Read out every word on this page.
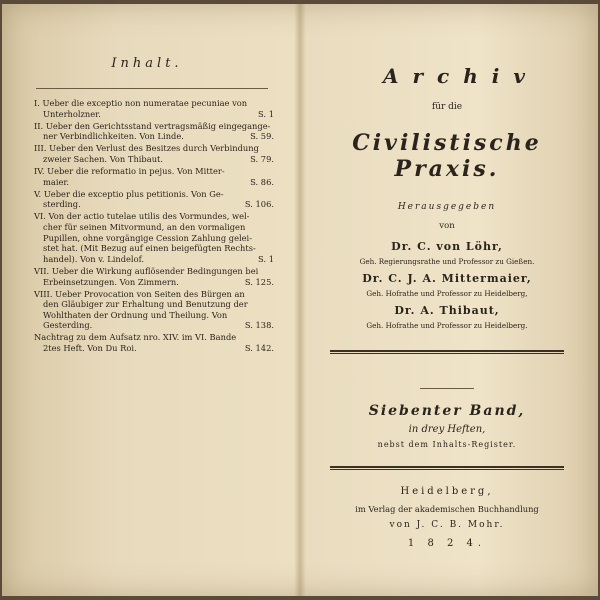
Inhalt.
I. Ueber die exceptio non numeratae pecuniae von
Unterholzner.	S. 1
II. Ueber den Gerichtsstand vertragsmäßig eingegange-
ner Verbindlichkeiten. Von Linde.	S. 59.
III. Ueber den Verlust des Besitzes durch Verbindung
zweier Sachen. Von Thibaut.	S. 79.
IV. Ueber die reformatio in pejus. Von Mitter-
maier.	S. 86.
V. Ueber die exceptio plus petitionis. Von Ge-
sterding.	S. 106.
VI. Von der actio tutelae utilis des Vormundes, wel-
cher für seinen Mitvormund, an den vormaligen
Pupillen, ohne vorgängige Cession Zahlung gelei-
stet hat. (Mit Bezug auf einen beigefügten Rechts-
handel). Von v. Lindelof.	S. 1
VII. Ueber die Wirkung auflösender Bedingungen bei
Erbeinsetzungen. Von Zimmern.	S. 125.
VIII. Ueber Provocation von Seiten des Bürgen an
den Gläubiger zur Erhaltung und Benutzung der
Wohlthaten der Ordnung und Theilung. Von
Gesterding.	S. 138.
Nachtrag zu dem Aufsatz nro. XIV. im VI. Bande
2tes Heft. Von Du Roi.	S. 142.
Archiv
für die
Civilistische Praxis.
Herausgegeben
von
Dr. C. von Löhr,
Geh. Regierungsrathe und Professor zu Gießen.
Dr. C. J. A. Mittermaier,
Geh. Hofrathe und Professor zu Heidelberg,
Dr. A. Thibaut,
Geh. Hofrathe und Professor zu Heidelberg.
Siebenter Band,
in drey Heften,
nebst dem Inhalts-Register.
Heidelberg,
im Verlag der akademischen Buchhandlung
von J. C. B. Mohr.
1 8 2 4.
